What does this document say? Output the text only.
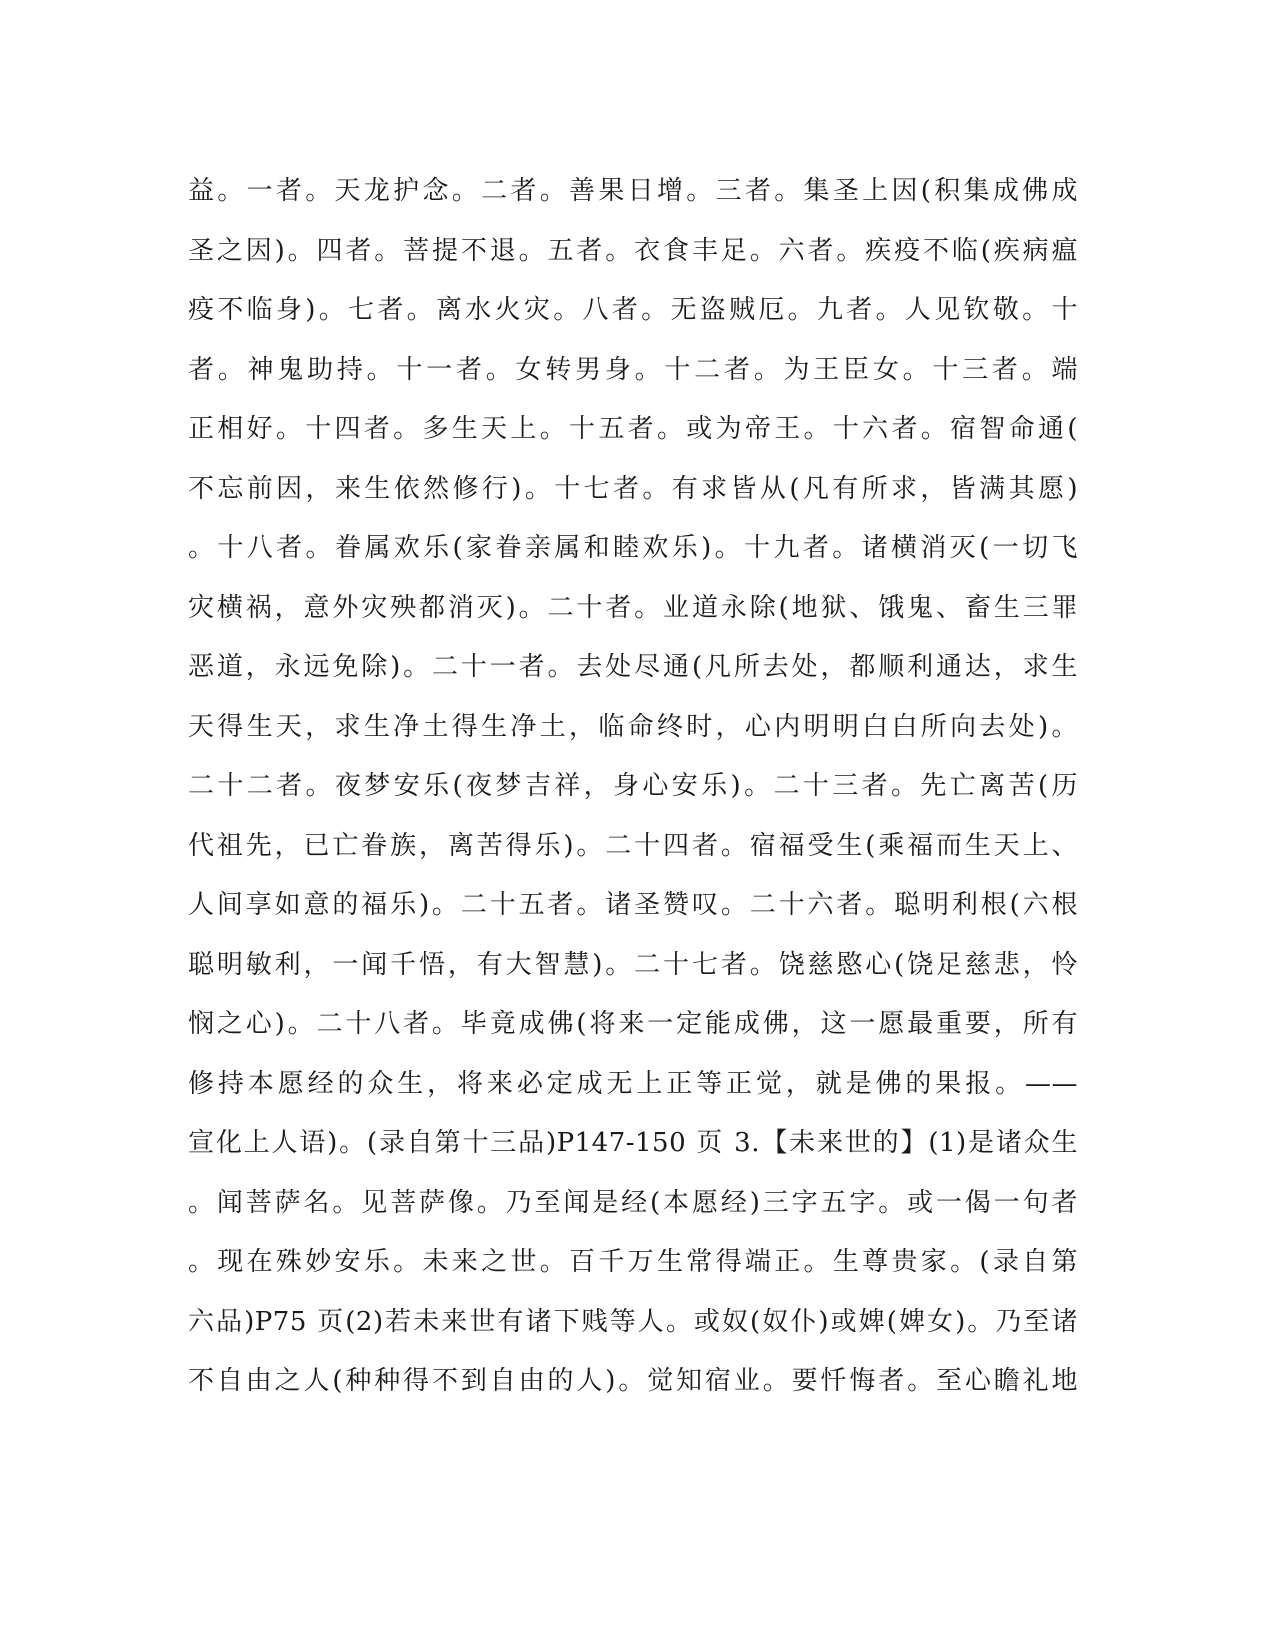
益。一者。天龙护念。二者。善果日增。三者。集圣上因(积集成佛成
圣之因)。四者。菩提不退。五者。衣食丰足。六者。疾疫不临(疾病瘟
疫不临身)。七者。离水火灾。八者。无盗贼厄。九者。人见钦敬。十
者。神鬼助持。十一者。女转男身。十二者。为王臣女。十三者。端
正相好。十四者。多生天上。十五者。或为帝王。十六者。宿智命通(
不忘前因，来生依然修行)。十七者。有求皆从(凡有所求，皆满其愿)
。十八者。眷属欢乐(家眷亲属和睦欢乐)。十九者。诸横消灭(一切飞
灾横祸，意外灾殃都消灭)。二十者。业道永除(地狱、饿鬼、畜生三罪
恶道，永远免除)。二十一者。去处尽通(凡所去处，都顺利通达，求生
天得生天，求生净土得生净土，临命终时，心内明明白白所向去处)。
二十二者。夜梦安乐(夜梦吉祥，身心安乐)。二十三者。先亡离苦(历
代祖先，已亡眷族，离苦得乐)。二十四者。宿福受生(乘福而生天上、
人间享如意的福乐)。二十五者。诸圣赞叹。二十六者。聪明利根(六根
聪明敏利，一闻千悟，有大智慧)。二十七者。饶慈愍心(饶足慈悲，怜
悯之心)。二十八者。毕竟成佛(将来一定能成佛，这一愿最重要，所有
修持本愿经的众生，将来必定成无上正等正觉，就是佛的果报。——
宣化上人语)。(录自第十三品)P147-150 页 3.【未来世的】(1)是诸众生
。闻菩萨名。见菩萨像。乃至闻是经(本愿经)三字五字。或一偈一句者
。现在殊妙安乐。未来之世。百千万生常得端正。生尊贵家。(录自第
六品)P75 页(2)若未来世有诸下贱等人。或奴(奴仆)或婢(婢女)。乃至诸
不自由之人(种种得不到自由的人)。觉知宿业。要忏悔者。至心瞻礼地
